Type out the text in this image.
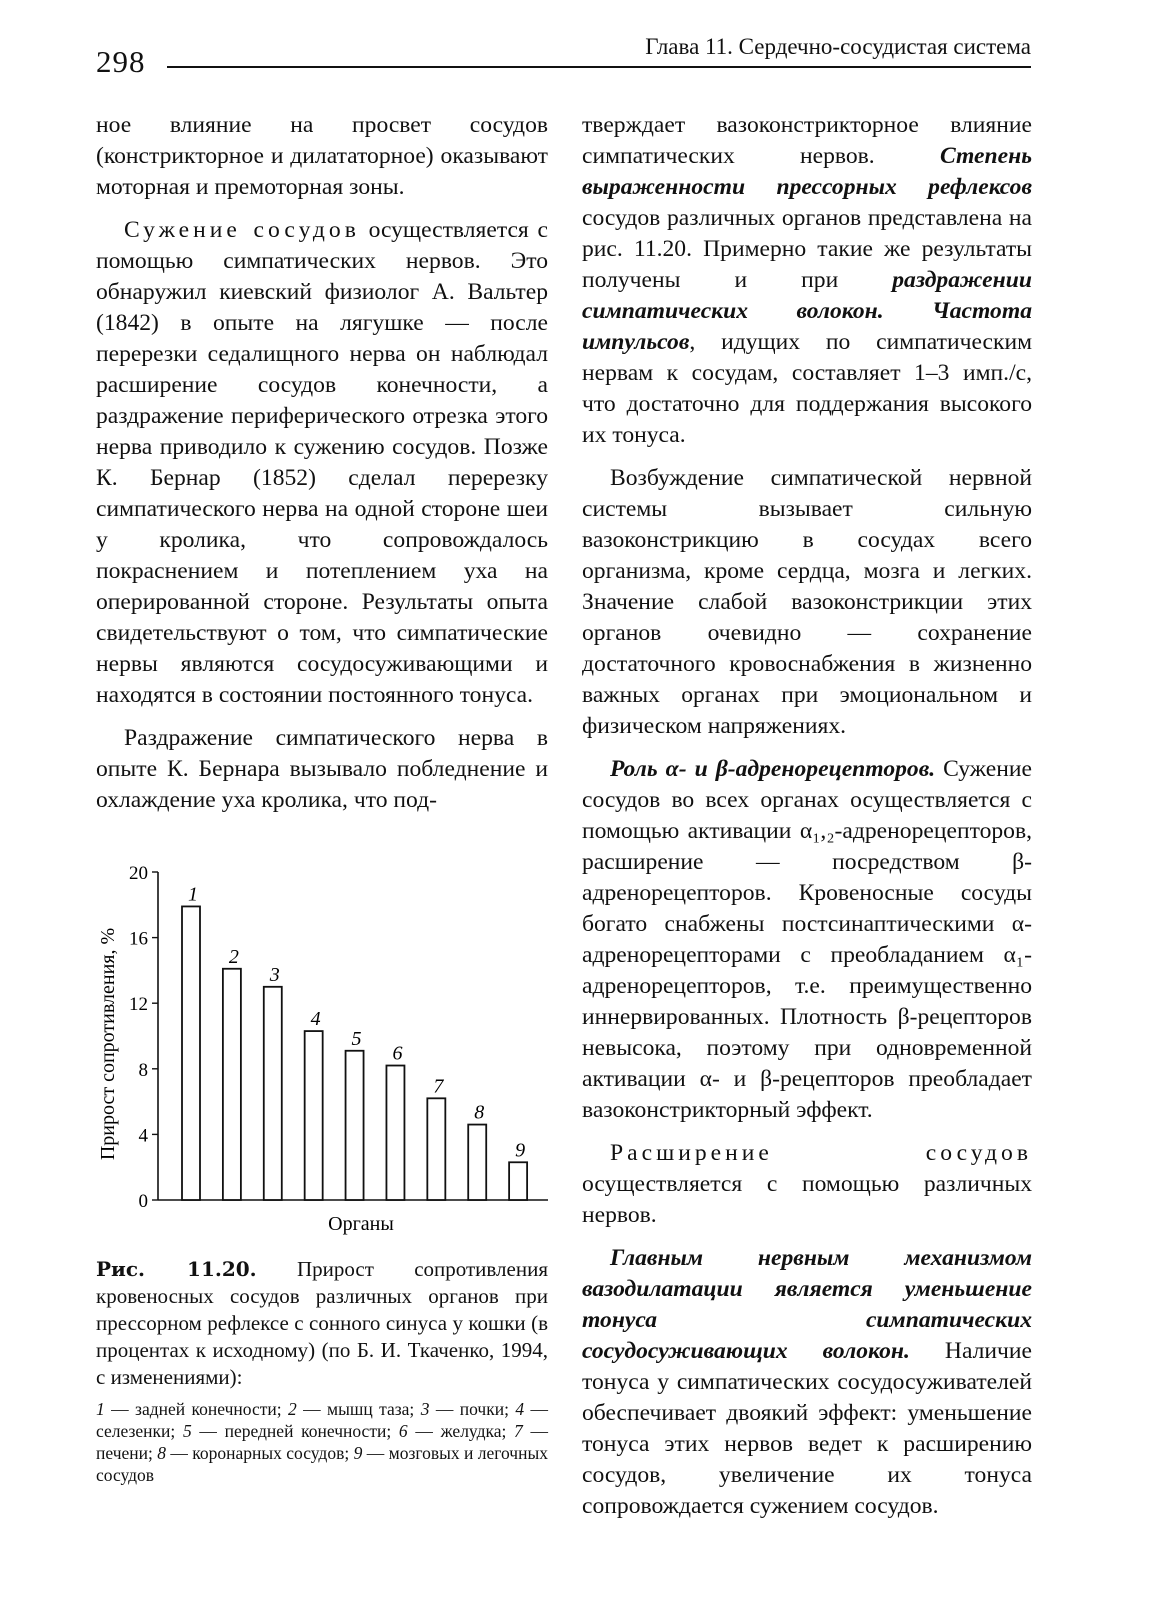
298	Глава 11. Сердечно-сосудистая система

ное влияние на просвет сосудов (констрикторное и дилататорное) оказывают моторная и премоторная зоны.

Сужение сосудов осуществляется с помощью симпатических нервов. Это обнаружил киевский физиолог А. Вальтер (1842) в опыте на лягушке — после перерезки седалищного нерва он наблюдал расширение сосудов конечности, а раздражение периферического отрезка этого нерва приводило к сужению сосудов. Позже К. Бернар (1852) сделал перерезку симпатического нерва на одной стороне шеи у кролика, что сопровождалось покраснением и потеплением уха на оперированной стороне. Результаты опыта свидетельствуют о том, что симпатические нервы являются сосудосуживающими и находятся в состоянии постоянного тонуса.

Раздражение симпатического нерва в опыте К. Бернара вызывало побледнение и охлаждение уха кролика, что под-

0
4
8
12
16
20
Прирост сопротивления, %
Органы
1
2
3
4
5
6
7
8
9
Рис. 11.20. Прирост сопротивления кровеносных сосудов различных органов при прессорном рефлексе с сонного синуса у кошки (в процентах к исходному) (по Б. И. Ткаченко, 1994, с изменениями):
1 — задней конечности; 2 — мышц таза; 3 — почки; 4 — селезенки; 5 — передней конечности; 6 — желудка; 7 — печени; 8 — коронарных сосудов; 9 — мозговых и легочных сосудов

тверждает вазоконстрикторное влияние симпатических нервов. Степень выраженности прессорных рефлексов сосудов различных органов представлена на рис. 11.20. Примерно такие же результаты получены и при раздражении симпатических волокон. Частота импульсов, идущих по симпатическим нервам к сосудам, составляет 1–3 имп./с, что достаточно для поддержания высокого их тонуса.

Возбуждение симпатической нервной системы вызывает сильную вазоконстрикцию в сосудах всего организма, кроме сердца, мозга и легких. Значение слабой вазоконстрикции этих органов очевидно — сохранение достаточного кровоснабжения в жизненно важных органах при эмоциональном и физическом напряжениях.

Роль α- и β-адренорецепторов. Сужение сосудов во всех органах осуществляется с помощью активации α₁,₂-адренорецепторов, расширение — посредством β-адренорецепторов. Кровеносные сосуды богато снабжены постсинаптическими α-адренорецепторами с преобладанием α₁-адренорецепторов, т.е. преимущественно иннервированных. Плотность β-рецепторов невысока, поэтому при одновременной активации α- и β-рецепторов преобладает вазоконстрикторный эффект.

Расширение сосудов осуществляется с помощью различных нервов.

Главным нервным механизмом вазодилатации является уменьшение тонуса симпатических сосудосуживающих волокон. Наличие тонуса у симпатических сосудосуживателей обеспечивает двоякий эффект: уменьшение тонуса этих нервов ведет к расширению сосудов, увеличение их тонуса сопровождается сужением сосудов.
